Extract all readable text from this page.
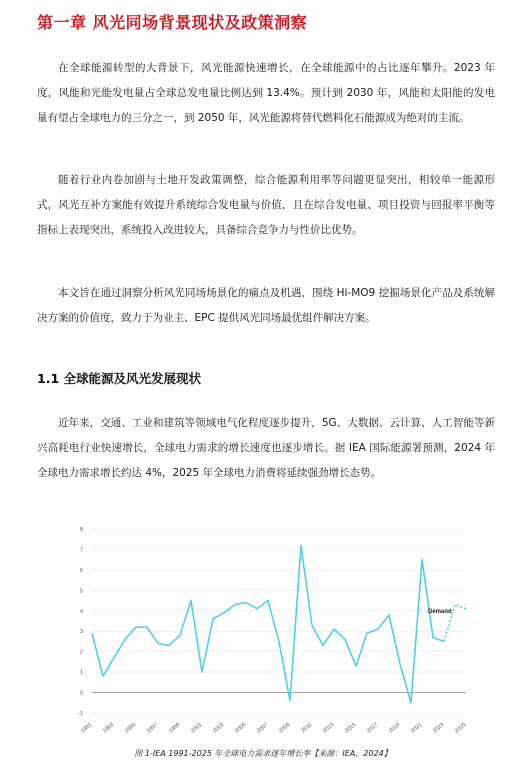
第一章 风光同场背景现状及政策洞察

在全球能源转型的大背景下，风光能源快速增长，在全球能源中的占比逐年攀升。2023 年度，风能和光能发电量占全球总发电量比例达到 13.4%。预计到 2030 年，风能和太阳能的发电量有望占全球电力的三分之一，到 2050 年，风光能源将替代燃料化石能源成为绝对的主流。

随着行业内卷加剧与土地开发政策调整，综合能源利用率等问题更显突出，相较单一能源形式，风光互补方案能有效提升系统综合发电量与价值，且在综合发电量、项目投资与回报率平衡等指标上表现突出，系统投入改进较大，具备综合竞争力与性价比优势。

本文旨在通过洞察分析风光同场场景化的痛点及机遇，围绕 Hi-MO9 挖掘场景化产品及系统解决方案的价值度，致力于为业主、EPC 提供风光同场最优组件解决方案。

1.1 全球能源及风光发展现状

近年来，交通、工业和建筑等领域电气化程度逐步提升，5G、大数据、云计算、人工智能等新兴高耗电行业快速增长，全球电力需求的增长速度也逐步增长。据 IEA 国际能源署预测，2024 年全球电力需求增长约达 4%，2025 年全球电力消费将延续强劲增长态势。

-1
0
1
2
3
4
5
6
7
8
1991 1993 1995 1997 1999 2001 2003 2005 2007 2009 2011 2013 2015 2017 2019 2021 2023 2025
Demand
图 1-IEA 1991-2025 年全球电力需求逐年增长率【来源：IEA，2024】
